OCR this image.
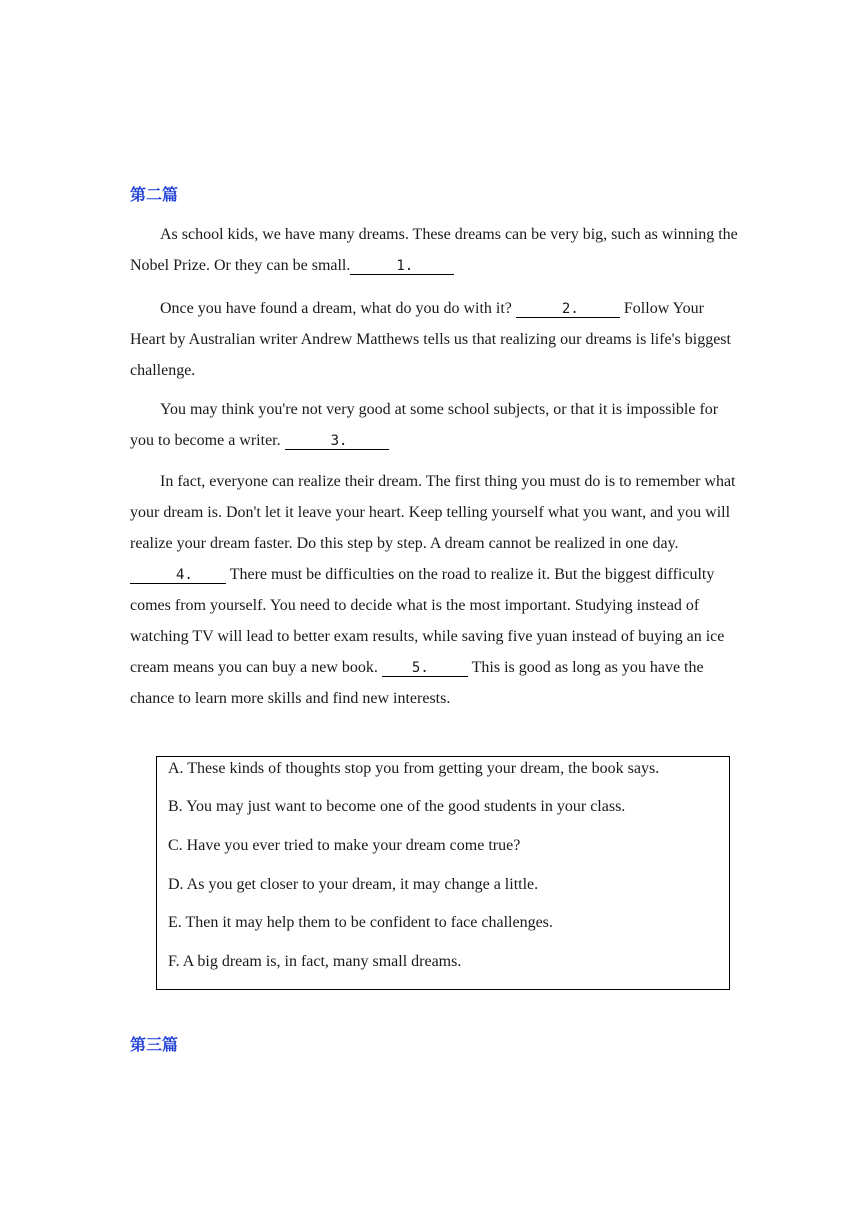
第二篇
As school kids, we have many dreams. These dreams can be very big, such as winning the Nobel Prize. Or they can be small.	1.
Once you have found a dream, what do you do with it?	2.	Follow Your Heart by Australian writer Andrew Matthews tells us that realizing our dreams is life's biggest challenge.
You may think you're not very good at some school subjects, or that it is impossible for you to become a writer.	3.
In fact, everyone can realize their dream. The first thing you must do is to remember what your dream is. Don't let it leave your heart. Keep telling yourself what you want, and you will realize your dream faster. Do this step by step. A dream cannot be realized in one day. 4. There must be difficulties on the road to realize it. But the biggest difficulty comes from yourself. You need to decide what is the most important. Studying instead of watching TV will lead to better exam results, while saving five yuan instead of buying an ice cream means you can buy a new book. 5. This is good as long as you have the chance to learn more skills and find new interests.
A. These kinds of thoughts stop you from getting your dream, the book says.
B. You may just want to become one of the good students in your class.
C. Have you ever tried to make your dream come true?
D. As you get closer to your dream, it may change a little.
E. Then it may help them to be confident to face challenges.
F. A big dream is, in fact, many small dreams.
第三篇
